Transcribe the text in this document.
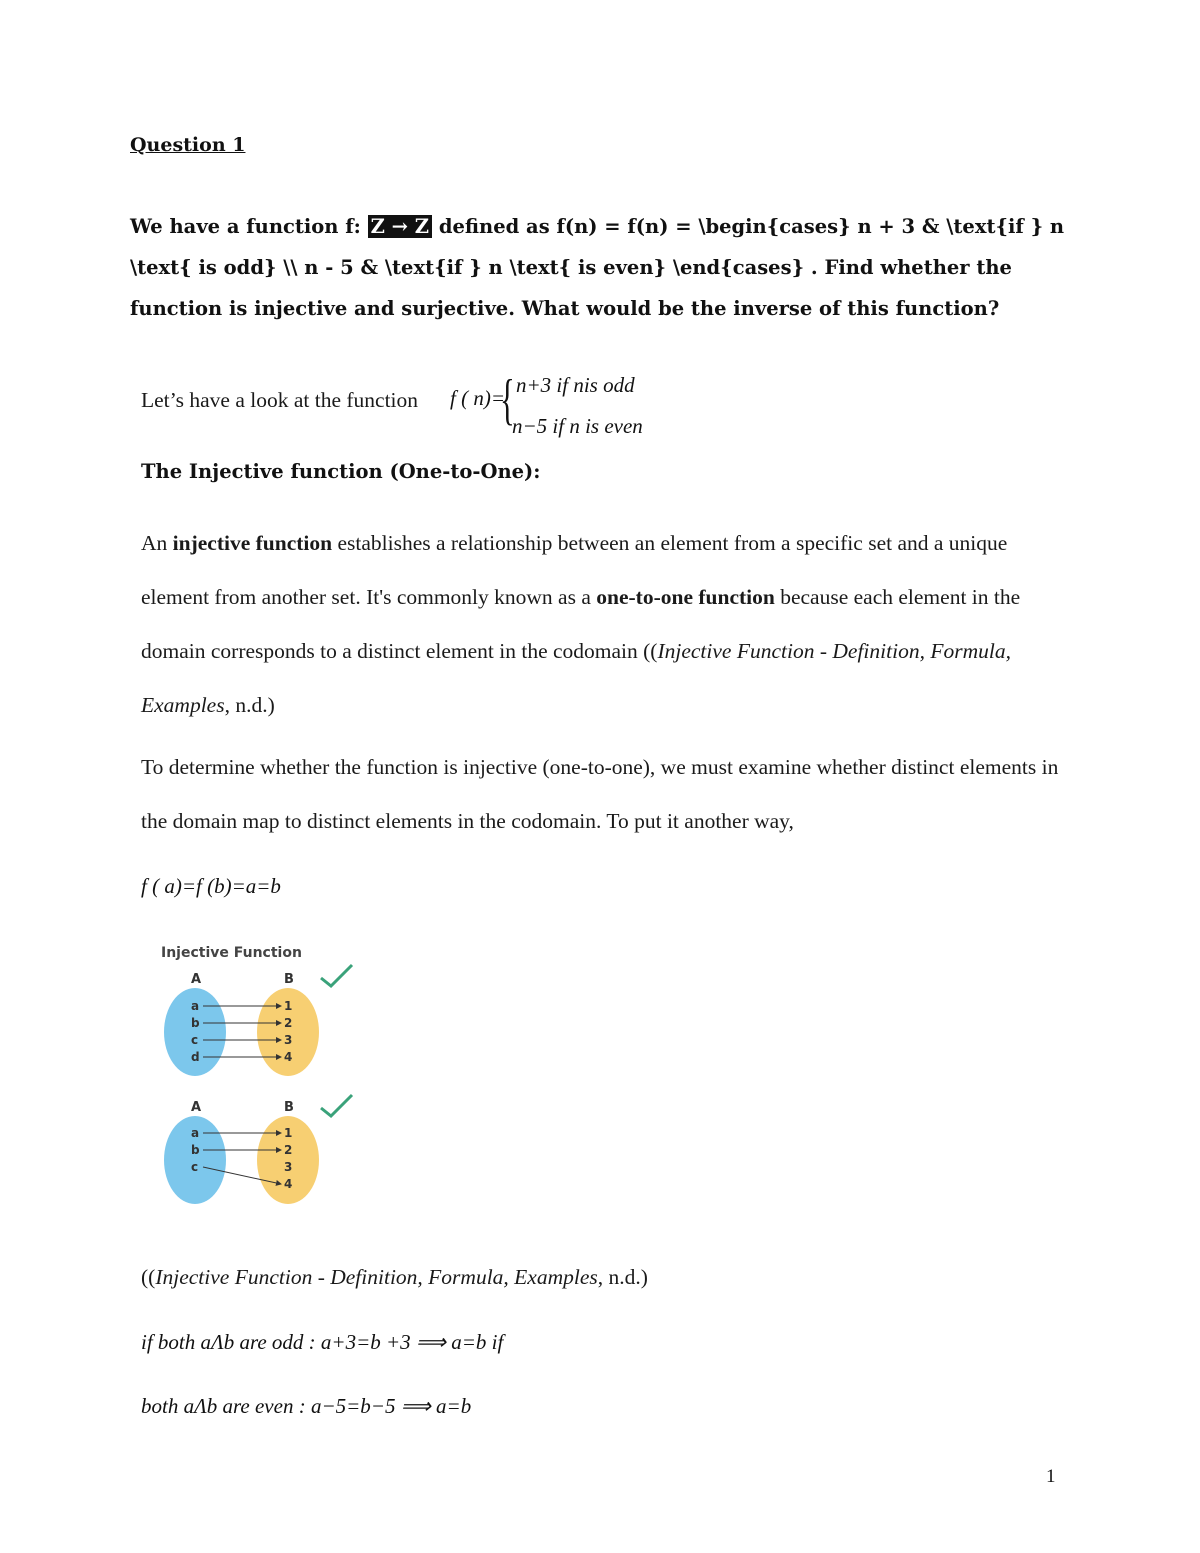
Question 1
We have a function f: Z → Z defined as f(n) = f(n) = \begin{cases} n + 3 & \text{if } n \text{ is odd} \\ n - 5 & \text{if } n \text{ is even} \end{cases} . Find whether the function is injective and surjective. What would be the inverse of this function?
Let’s have a look at the function f ( n)=
{ n+3 if nis odd
n−5 if n is even
The Injective function (One-to-One):
An injective function establishes a relationship between an element from a specific set and a unique element from another set. It's commonly known as a one-to-one function because each element in the domain corresponds to a distinct element in the codomain ((Injective Function - Definition, Formula, Examples, n.d.)
To determine whether the function is injective (one-to-one), we must examine whether distinct elements in the domain map to distinct elements in the codomain. To put it another way,
f ( a)=f (b)=a=b
Injective Function
A	B
a
b
c
d
1
2
3
4
A	B
a
b
c
1
2
3
4
((Injective Function - Definition, Formula, Examples, n.d.)
if both aΛb are odd : a+3=b +3 ⟹ a=b if
both aΛb are even : a−5=b−5 ⟹ a=b
1
